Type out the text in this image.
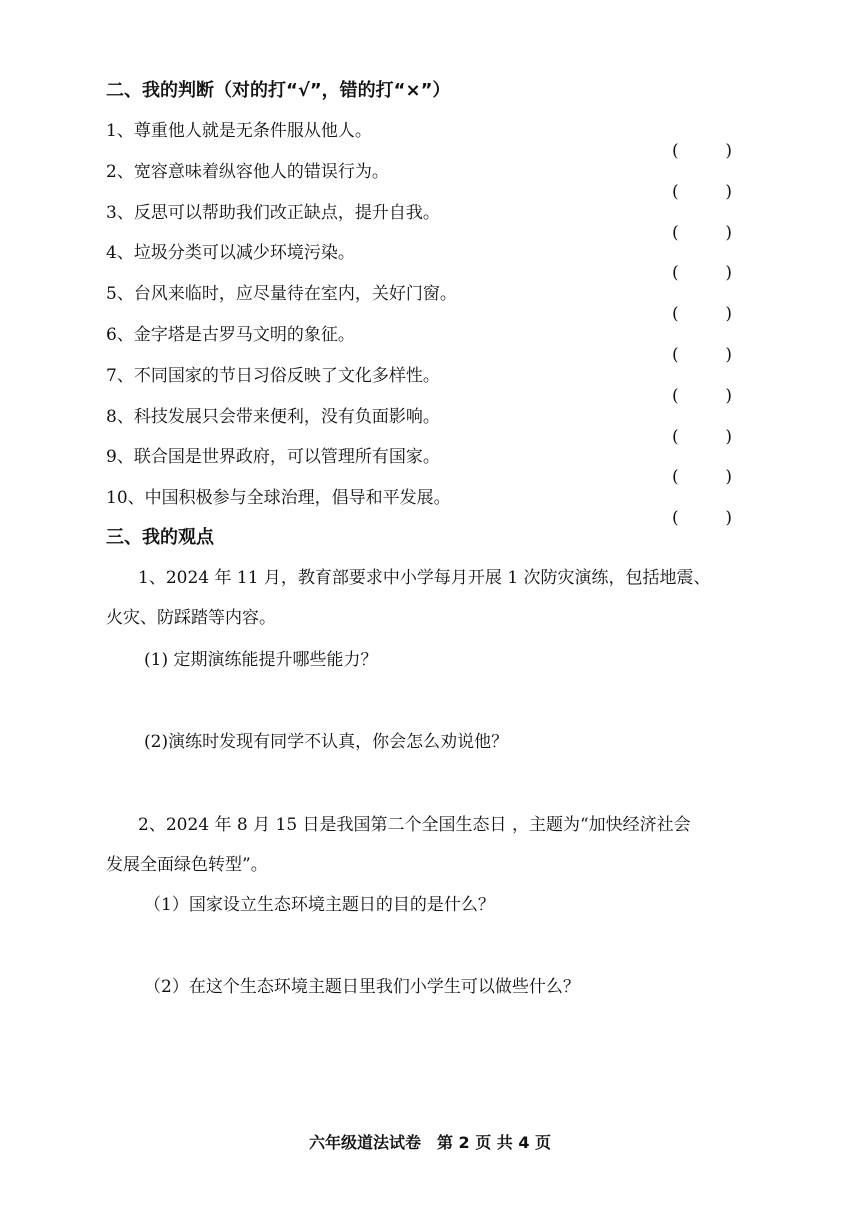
二、我的判断（对的打“√”，错的打“×”）
1、尊重他人就是无条件服从他人。
(	)
2、宽容意味着纵容他人的错误行为。
(	)
3、反思可以帮助我们改正缺点，提升自我。
(	)
4、垃圾分类可以减少环境污染。
(	)
5、台风来临时，应尽量待在室内，关好门窗。
(	)
6、金字塔是古罗马文明的象征。
(	)
7、不同国家的节日习俗反映了文化多样性。
(	)
8、科技发展只会带来便利，没有负面影响。
(	)
9、联合国是世界政府，可以管理所有国家。
(	)
10、中国积极参与全球治理，倡导和平发展。
(	)
三、我的观点
1、2024 年 11 月，教育部要求中小学每月开展 1 次防灾演练，包括地震、
火灾、防踩踏等内容。
(1) 定期演练能提升哪些能力？
(2)演练时发现有同学不认真，你会怎么劝说他？
2、2024 年 8 月 15 日是我国第二个全国生态日 ，主题为“加快经济社会
发展全面绿色转型”。
（1）国家设立生态环境主题日的目的是什么？
（2）在这个生态环境主题日里我们小学生可以做些什么？
六年级道法试卷　第 2 页 共 4 页
